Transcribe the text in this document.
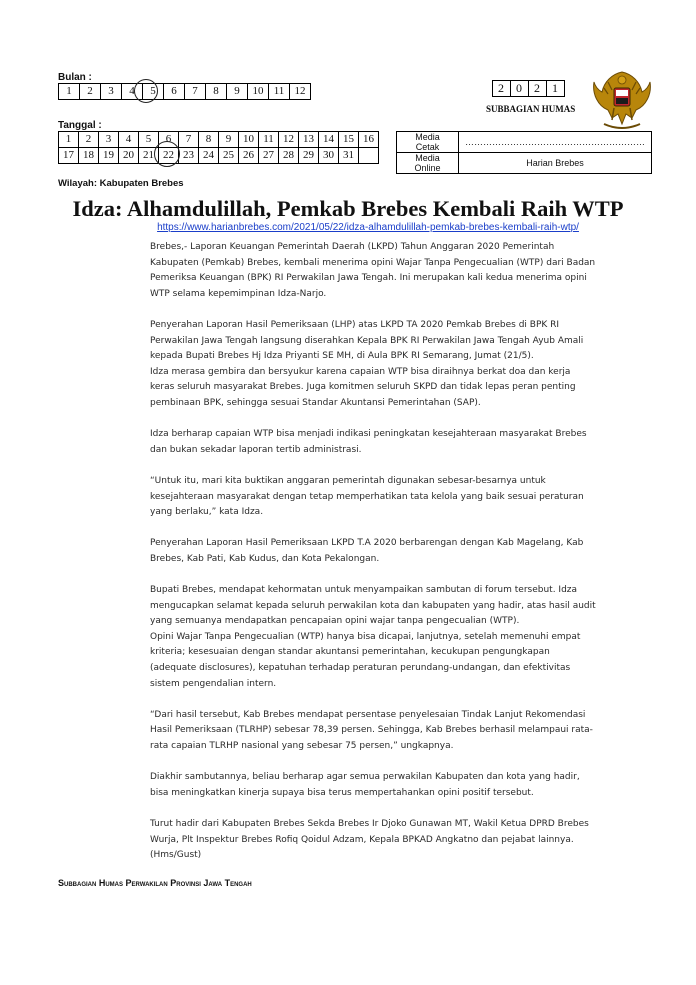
Bulan :
1	2	3	4	5	6	7	8	9	10	11	12
Tanggal :
1	2	3	4	5	6	7	8	9	10	11	12	13	14	15	16
17	18	19	20	21	22	23	24	25	26	27	28	29	30	31	
2	0	2	1
SUBBAGIAN HUMAS
Media Cetak	……………………………………………………
Media Online	Harian Brebes
Wilayah: Kabupaten Brebes
Idza: Alhamdulillah, Pemkab Brebes Kembali Raih WTP
https://www.harianbrebes.com/2021/05/22/idza-alhamdulillah-pemkab-brebes-kembali-raih-wtp/

Brebes,- Laporan Keuangan Pemerintah Daerah (LKPD) Tahun Anggaran 2020 Pemerintah Kabupaten (Pemkab) Brebes, kembali menerima opini Wajar Tanpa Pengecualian (WTP) dari Badan Pemeriksa Keuangan (BPK) RI Perwakilan Jawa Tengah. Ini merupakan kali kedua menerima opini WTP selama kepemimpinan Idza-Narjo.

Penyerahan Laporan Hasil Pemeriksaan (LHP) atas LKPD TA 2020 Pemkab Brebes di BPK RI Perwakilan Jawa Tengah langsung diserahkan Kepala BPK RI Perwakilan Jawa Tengah Ayub Amali kepada Bupati Brebes Hj Idza Priyanti SE MH, di Aula BPK RI Semarang, Jumat (21/5).
Idza merasa gembira dan bersyukur karena capaian WTP bisa diraihnya berkat doa dan kerja keras seluruh masyarakat Brebes. Juga komitmen seluruh SKPD dan tidak lepas peran penting pembinaan BPK, sehingga sesuai Standar Akuntansi Pemerintahan (SAP).

Idza berharap capaian WTP bisa menjadi indikasi peningkatan kesejahteraan masyarakat Brebes dan bukan sekadar laporan tertib administrasi.

“Untuk itu, mari kita buktikan anggaran pemerintah digunakan sebesar-besarnya untuk kesejahteraan masyarakat dengan tetap memperhatikan tata kelola yang baik sesuai peraturan yang berlaku,” kata Idza.

Penyerahan Laporan Hasil Pemeriksaan LKPD T.A 2020 berbarengan dengan Kab Magelang, Kab Brebes, Kab Pati, Kab Kudus, dan Kota Pekalongan.

Bupati Brebes, mendapat kehormatan untuk menyampaikan sambutan di forum tersebut. Idza mengucapkan selamat kepada seluruh perwakilan kota dan kabupaten yang hadir, atas hasil audit yang semuanya mendapatkan pencapaian opini wajar tanpa pengecualian (WTP).
Opini Wajar Tanpa Pengecualian (WTP) hanya bisa dicapai, lanjutnya, setelah memenuhi empat kriteria; kesesuaian dengan standar akuntansi pemerintahan, kecukupan pengungkapan (adequate disclosures), kepatuhan terhadap peraturan perundang-undangan, dan efektivitas sistem pengendalian intern.

“Dari hasil tersebut, Kab Brebes mendapat persentase penyelesaian Tindak Lanjut Rekomendasi Hasil Pemeriksaan (TLRHP) sebesar 78,39 persen. Sehingga, Kab Brebes berhasil melampaui rata-rata capaian TLRHP nasional yang sebesar 75 persen,” ungkapnya.

Diakhir sambutannya, beliau berharap agar semua perwakilan Kabupaten dan kota yang hadir, bisa meningkatkan kinerja supaya bisa terus mempertahankan opini positif tersebut.

Turut hadir dari Kabupaten Brebes Sekda Brebes Ir Djoko Gunawan MT, Wakil Ketua DPRD Brebes Wurja, Plt Inspektur Brebes Rofiq Qoidul Adzam, Kepala BPKAD Angkatno dan pejabat lainnya. (Hms/Gust)

Subbagian Humas Perwakilan Provinsi Jawa Tengah
